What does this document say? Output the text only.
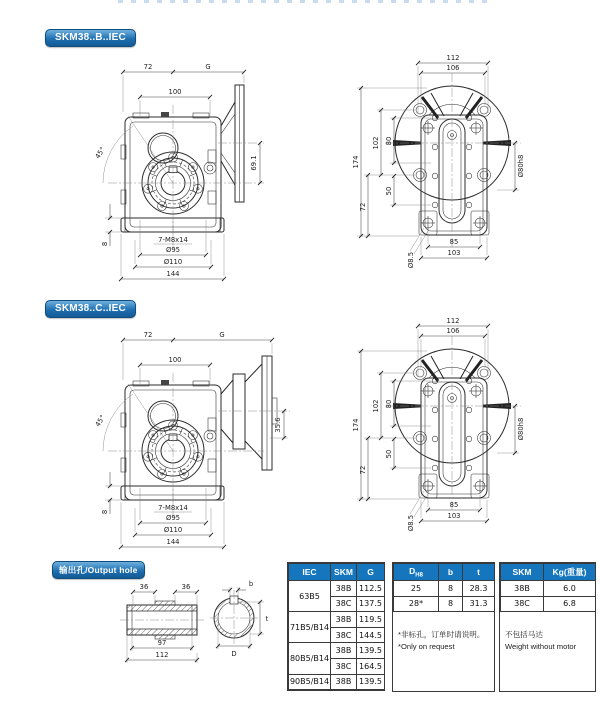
SKM38..B..IEC
45°
72	G
100
69.1
8	7-M8x14
Ø95
Ø110
144
112
106
174
102 80
72
50
Ø8.5
85
103
Ø80h8
SKM38..C..IEC
45°
72	G
100
35.6
8	7-M8x14
Ø95
Ø110
144
112
106
174
102 80
72
50
Ø8.5
85
103
Ø80h8
输出孔/Output hole
36	36
97
112
b
t
D
IEC	SKM	G
63B5	38B	112.5
	38C	137.5
71B5/B14	38B	119.5
	38C	144.5
80B5/B14	38B	139.5
	38C	164.5
90B5/B14	38B	139.5
$D_{H8}$	b	t
25	8	28.3
28*	8	31.3
*非标孔，订单时请说明。
*Only on request
SKM	Kg(重量)
38B	6.0
38C	6.8
不包括马达
Weight without motor
